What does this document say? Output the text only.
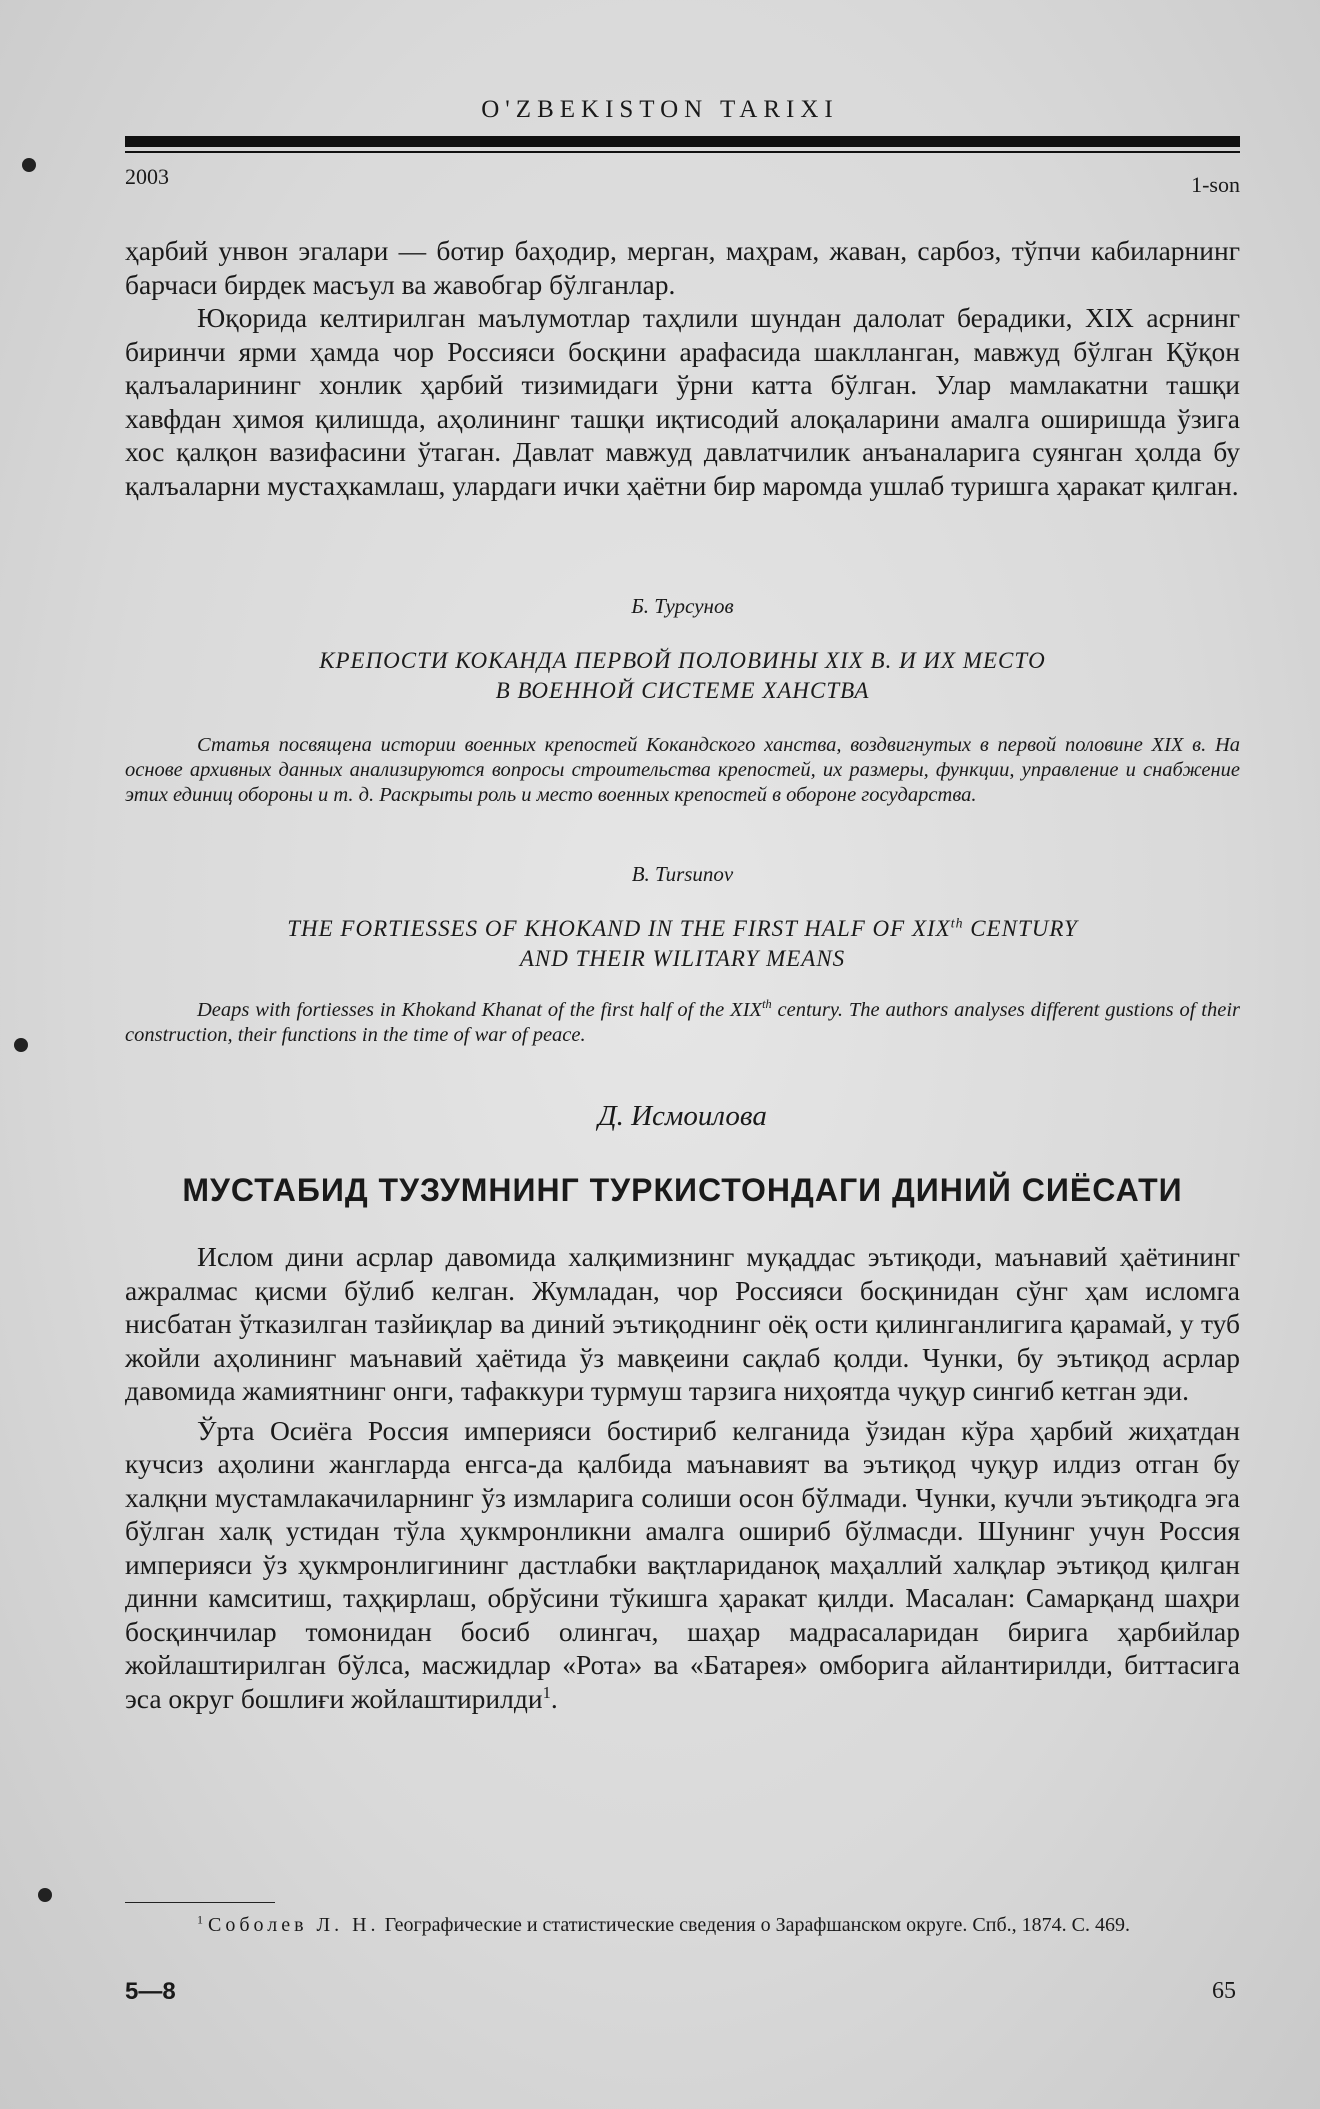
O'ZBEKISTON TARIXI
2003	1-son

ҳарбий унвон эгалари — ботир баҳодир, мерган, маҳрам, жаван, сарбоз, тўпчи кабиларнинг барчаси бирдек масъул ва жавобгар бўлганлар.

Юқорида келтирилган маълумотлар таҳлили шундан далолат берадики, XIX асрнинг биринчи ярми ҳамда чор Россияси босқини арафасида шаклланган, мавжуд бўлган Қўқон қалъаларининг хонлик ҳарбий тизимидаги ўрни катта бўлган. Улар мамлакатни ташқи хавфдан ҳимоя қилишда, аҳолининг ташқи иқтисодий алоқаларини амалга оширишда ўзига хос қалқон вазифасини ўтаган. Давлат мавжуд давлатчилик анъаналарига суянган ҳолда бу қалъаларни мустаҳкамлаш, улардаги ички ҳаётни бир маромда ушлаб туришга ҳаракат қилган.

Б. Турсунов
КРЕПОСТИ КОКАНДА ПЕРВОЙ ПОЛОВИНЫ XIX В. И ИХ МЕСТО
В ВОЕННОЙ СИСТЕМЕ ХАНСТВА
Статья посвящена истории военных крепостей Кокандского ханства, воздвигнутых в первой половине XIX в. На основе архивных данных анализируются вопросы строительства крепостей, их размеры, функции, управление и снабжение этих единиц обороны и т. д. Раскрыты роль и место военных крепостей в обороне государства.
B. Tursunov
THE FORTIESSES OF KHOKAND IN THE FIRST HALF OF XIXth CENTURY
AND THEIR WILITARY MEANS
Deaps with fortiesses in Khokand Khanat of the first half of the XIXth century. The authors analyses different gustions of their construction, their functions in the time of war of peace.
Д. Исмоилова
МУСТАБИД ТУЗУМНИНГ ТУРКИСТОНДАГИ ДИНИЙ СИЁСАТИ

Ислом дини асрлар давомида халқимизнинг муқаддас эътиқоди, маънавий ҳаётининг ажралмас қисми бўлиб келган. Жумладан, чор Россияси босқинидан сўнг ҳам исломга нисбатан ўтказилган тазйиқлар ва диний эътиқоднинг оёқ ости қилинганлигига қарамай, у туб жойли аҳолининг маънавий ҳаётида ўз мавқеини сақлаб қолди. Чунки, бу эътиқод асрлар давомида жамиятнинг онги, тафаккури турмуш тарзига ниҳоятда чуқур сингиб кетган эди.

Ўрта Осиёга Россия империяси бостириб келганида ўзидан кўра ҳарбий жиҳатдан кучсиз аҳолини жангларда енгса-да қалбида маънавият ва эътиқод чуқур илдиз отган бу халқни мустамлакачиларнинг ўз измларига солиши осон бўлмади. Чунки, кучли эътиқодга эга бўлган халқ устидан тўла ҳукмронликни амалга ошириб бўлмасди. Шунинг учун Россия империяси ўз ҳукмронлигининг дастлабки вақтлариданоқ маҳаллий халқлар эътиқод қилган динни камситиш, таҳқирлаш, обрўсини тўкишга ҳаракат қилди. Масалан: Самарқанд шаҳри босқинчилар томонидан босиб олингач, шаҳар мадрасаларидан бирига ҳарбийлар жойлаштирилган бўлса, масжидлар «Рота» ва «Батарея» омборига айлантирилди, биттасига эса округ бошлиғи жойлаштирилди$^1$.

$^1$ Соболев Л. Н. Географические и статистические сведения о Зарафшанском округе. Спб., 1874. С. 469.
5—8	65
